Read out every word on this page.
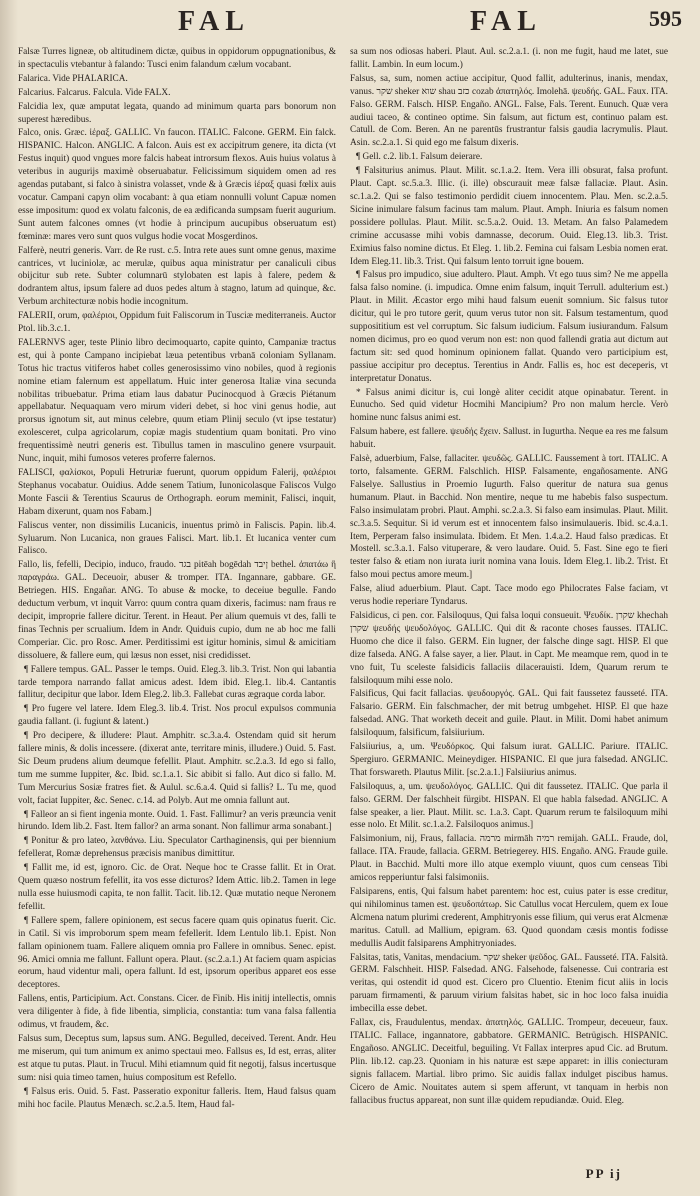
FAL	FAL	595

Falsæ Turres ligneæ, ob altitudinem dictæ, quibus in oppidorum oppugnationibus, & in spectaculis vtebantur à falando: Tusci enim falandum cælum vocabant.

Falarica. Vide PHALARICA.

Falcarius. Falcarus. Falcula. Vide FALX.

Falcidia lex, quæ amputat legata, quando ad minimum quarta pars bonorum non superest hæredibus.

Falco, onis. Græc. ἱέραξ. GALLIC. Vn faucon. ITALIC. Falcone. GERM. Ein falck. HISPANIC. Halcon. ANGLIC. A falcon. Auis est ex accipitrum genere, ita dicta (vt Festus inquit) quod vngues more falcis habeat introrsum flexos. Auis huius volatus à veteribus in augurijs maximè obseruabatur. Felicissimum siquidem omen ad res agendas putabant, si falco à sinistra volasset, vnde & à Græcis ἱέραξ quasi fœlix auis vocatur. Campani capyn olim vocabant: à qua etiam nonnulli volunt Capuæ nomen esse impositum: quod ex volatu falconis, de ea ædificanda sumpsam fuerit augurium. Sunt autem falcones omnes (vt hodie à principum aucupibus obseruatum est) fœminæ: mares vero sunt quos vulgus hodie vocat Mosgerdinos.

Falferè, neutri generis. Varr. de Re rust. c.5. Intra rete aues sunt omne genus, maxime cantrices, vt luciniolæ, ac merulæ, quibus aqua ministratur per canaliculi cibus obijcitur sub rete. Subter columnarū stylobaten est lapis à falere, pedem & dodrantem altus, ipsum falere ad duos pedes altum à stagno, latum ad quinque, &c. Verbum architecturæ nobis hodie incognitum.

FALERII, orum, φαλέριοι, Oppidum fuit Faliscorum in Tusciæ mediterraneis. Auctor Ptol. lib.3.c.1.

FALERNVS ager, teste Plinio libro decimoquarto, capite quinto, Campaniæ tractus est, qui à ponte Campano incipiebat læua petentibus vrbanā coloniam Syllanam. Totus hic tractus vitiferos habet colles generosissimo vino nobiles, quod à regionis nomine etiam falernum est appellatum. Huic inter generosa Italiæ vina secunda nobilitas tribuebatur. Prima etiam laus dabatur Pucinocquod à Græcis Piétanum appellabatur. Nequaquam vero mirum videri debet, si hoc vini genus hodie, aut prorsus ignotum sit, aut minus celebre, quum etiam Plinij seculo (vt ipse testatur) exolesceret, culpa agricolarum, copiæ magis studentium quam bonitati. Pro vino frequentissimè neutri generis est. Tibullus tamen in masculino genere vsurpauit. Nunc, inquit, mihi fumosos veteres proferre falernos.

FALISCI, φαλίσκοι, Populi Hetruriæ fuerunt, quorum oppidum Falerij, φαλέριοι Stephanus vocabatur. Ouidius. Adde senem Tatium, Iunonicolasque Faliscos Vulgo Monte Fascii & Terentius Scaurus de Orthograph. eorum meminit, Falisci, inquit, Habam dixerunt, quam nos Fabam.]

Faliscus venter, non dissimilis Lucanicis, inuentus primò in Faliscis. Papin. lib.4. Syluarum. Non Lucanica, non graues Falisci. Mart. lib.1. Et lucanica venter cum Falisco.

Fallo, lis, fefelli, Decipio, induco, fraudo. בגד pitēah bogēdah ןיבד bethel. ἀπατάω ἢ παραγράω. GAL. Deceuoir, abuser & tromper. ITA. Ingannare, gabbare. GE. Betriegen. HIS. Engañar. ANG. To abuse & mocke, to deceiue begulle. Fando deductum verbum, vt inquit Varro: quum contra quam dixeris, facimus: nam fraus re decipit, improprie fallere dicitur. Terent. in Heaut. Per alium quemuis vt des, falli te finas Technis per scrualium. Idem in Andr. Quiduis cupio, dum ne ab hoc me falli Comperiar. Cic. pro Rosc. Amer. Perditissimi est igitur hominis, simul & amicitiam dissoluere, & fallere eum, qui læsus non esset, nisi credidisset.

¶ Fallere tempus. GAL. Passer le temps. Ouid. Eleg.3. lib.3. Trist. Non qui labantia tarde tempora narrando fallat amicus adest. Idem ibid. Eleg.1. lib.4. Cantantis fallitur, decipitur que labor. Idem Eleg.2. lib.3. Fallebat curas ægraque corda labor.

¶ Pro fugere vel latere. Idem Eleg.3. lib.4. Trist. Nos procul expulsos communia gaudia fallant. (i. fugiunt & latent.)

¶ Pro decipere, & illudere: Plaut. Amphitr. sc.3.a.4. Ostendam quid sit herum fallere minis, & dolis incessere. (dixerat ante, territare minis, illudere.) Ouid. 5. Fast. Sic Deum prudens alium deumque fefellit. Plaut. Amphitr. sc.2.a.3. Id ego si fallo, tum me summe Iuppiter, &c. Ibid. sc.1.a.1. Sic abibit si fallo. Aut dico si fallo. M. Tum Mercurius Sosiæ fratres fiet. & Aulul. sc.6.a.4. Quid si fallis? L. Tu me, quod volt, faciat Iuppiter, &c. Senec. c.14. ad Polyb. Aut me omnia fallunt aut.

¶ Falleor an si fient ingenia monte. Ouid. 1. Fast. Fallimur? an veris præuncia venit hirundo. Idem lib.2. Fast. Item fallor? an arma sonant. Non fallimur arma sonabant.]

¶ Ponitur & pro lateo, λανθάνω. Liu. Speculator Carthaginensis, qui per biennium fefellerat, Romæ deprehensus præcisis manibus dimittitur.

¶ Fallit me, id est, ignoro. Cic. de Orat. Neque hoc te Crasse fallit. Et in Orat. Quem quæso nostrum fefellit, ita vos esse dicturos? Idem Attic. lib.2. Tamen in lege nulla esse huiusmodi capita, te non fallit. Tacit. lib.12. Quæ mutatio neque Neronem fefellit.

¶ Fallere spem, fallere opinionem, est secus facere quam quis opinatus fuerit. Cic. in Catil. Si vis improborum spem meam fefellerit. Idem Lentulo lib.1. Epist. Non fallam opinionem tuam. Fallere aliquem omnia pro Fallere in omnibus. Senec. epist. 96. Amici omnia me fallunt. Fallunt opera. Plaut. (sc.2.a.1.) At faciem quam aspicias eorum, haud videntur mali, opera fallunt. Id est, ipsorum operibus apparet eos esse deceptores.

Fallens, entis, Participium. Act. Constans. Cicer. de Finib. His initij intellectis, omnis vera diligenter à fide, à fide libentia, simplicia, constantia: tum vana falsa fallentia odimus, vt fraudem, &c.

Falsus sum, Deceptus sum, lapsus sum. ANG. Begulled, deceived. Terent. Andr. Heu me miserum, qui tum animum ex animo spectaui meo. Fallsus es, Id est, erras, aliter est atque tu putas. Plaut. in Trucul. Mihi etiamnum quid fit negotij, falsus incertusque sum: nisi quia timeo tamen, huius compositum est Refello.

¶ Falsus eris. Ouid. 5. Fast. Passeratio exponitur falleris. Item, Haud falsus quam mihi hoc facile. Plautus Menæch. sc.2.a.5. Item, Haud fal-

sa sum nos odiosas haberi. Plaut. Aul. sc.2.a.1. (i. non me fugit, haud me latet, sue fallit. Lambin. In eum locum.)

Falsus, sa, sum, nomen actiue accipitur, Quod fallit, adulterinus, inanis, mendax, vanus. שקר sheker שוא shau כזב cozab ἀπατηλός. Imolehā. ψευδής. GAL. Faux. ITA. Falso. GERM. Falsch. HISP. Engaño. ANGL. False, Fals. Terent. Eunuch. Quæ vera audiui taceo, & contineo optime. Sin falsum, aut fictum est, continuo palam est. Catull. de Com. Beren. An ne parentūs frustrantur falsis gaudia lacrymulis. Plaut. Asin. sc.2.a.1. Si quid ego me falsum dixeris.

¶ Gell. c.2. lib.1. Falsum deierare.

¶ Falsiturius animus. Plaut. Milit. sc.1.a.2. Item. Vera illi obsurat, falsa profunt. Plaut. Capt. sc.5.a.3. Illic. (i. ille) obscurauit meæ falsæ fallaciæ. Plaut. Asin. sc.1.a.2. Qui se falso testimonio perdidit ciuem innocentem. Plau. Men. sc.2.a.5. Sicine inimulare falsum facinus tam malum. Plaut. Amph. Iniuria es falsum nomen possidere pollulas. Plaut. Milit. sc.5.a.2. Ouid. 13. Metam. An falso Palamedem crimine accusasse mihi vobis damnasse, decorum. Ouid. Eleg.13. lib.3. Trist. Eximius falso nomine dictus. Et Eleg. 1. lib.2. Femina cui falsam Lesbia nomen erat. Idem Eleg.11. lib.3. Trist. Qui falsum lento torruit igne bouem.

¶ Falsus pro impudico, siue adultero. Plaut. Amph. Vt ego tuus sim? Ne me appella falsa falso nomine. (i. impudica. Omne enim falsum, inquit Terrull. adulterium est.) Plaut. in Milit. Æcastor ergo mihi haud falsum euenit somnium. Sic falsus tutor dicitur, qui le pro tutore gerit, quum verus tutor non sit. Falsum testamentum, quod supposititium est vel corruptum. Sic falsum iudicium. Falsum iusiurandum. Falsum nomen dicimus, pro eo quod verum non est: non quod fallendi gratia aut dictum aut factum sit: sed quod hominum opinionem fallat. Quando vero participium est, passiue accipitur pro deceptus. Terentius in Andr. Fallis es, hoc est deceperis, vt interpretatur Donatus.

* Falsus animi dicitur is, cui longè aliter cecidit atque opinabatur. Terent. in Eunucho. Sed quid videtur Hocmihi Mancipium? Pro non malum hercle. Verò homine nunc falsus animi est.

Falsum habere, est fallere. ψευδής ἔχειν. Sallust. in Iugurtha. Neque ea res me falsum habuit.

Falsè, aduerbium, False, fallaciter. ψευδῶς. GALLIC. Faussement à tort. ITALIC. A torto, falsamente. GERM. Falschlich. HISP. Falsamente, engañosamente. ANG Falselye. Sallustius in Proemio Iugurth. Falso queritur de natura sua genus humanum. Plaut. in Bacchid. Non mentire, neque tu me habebis falso suspectum. Falso insimulatam probri. Plaut. Amphi. sc.2.a.3. Si falso eam insimulas. Plaut. Milit. sc.3.a.5. Sequitur. Si id verum est et innocentem falso insimulaueris. Ibid. sc.4.a.1. Item, Perperam falso insimulata. Ibidem. Et Men. 1.4.a.2. Haud falso prædicas. Et Mostell. sc.3.a.1. Falso vituperare, & vero laudare. Ouid. 5. Fast. Sine ego te fieri tester falso & etiam non iurata iurit nomina vana Iouis. Idem Eleg.1. lib.2. Trist. Et falso moui pectus amore meum.]

False, aliud aduerbium. Plaut. Capt. Tace modo ego Philocrates False faciam, vt verus hodie reperiare Tyndarus.

Falsidicus, ci pen. cor. Falsiloquus, Qui falsa loqui consueuit. Ψευδίκ. שקרן khechah שקרן ψευδής ψευδολόγος. GALLIC. Qui dit & raconte choses fausses. ITALIC. Huomo che dice il falso. GERM. Ein lugner, der falsche dinge sagt. HISP. El que dize falseda. ANG. A false sayer, a lier. Plaut. in Capt. Me meamque rem, quod in te vno fuit, Tu sceleste falsidicis fallaciis dilacerauisti. Idem, Quarum rerum te falsiloquum mihi esse nolo.

Falsificus, Qui facit fallacias. ψευδουργός. GAL. Qui fait faussetez fausseté. ITA. Falsario. GERM. Ein falschmacher, der mit betrug umbgehet. HISP. El que haze falsedad. ANG. That worketh deceit and guile. Plaut. in Milit. Domi habet animum falsiloquum, falsificum, falsiiurium.

Falsiiurius, a, um. Ψευδόρκος. Qui falsum iurat. GALLIC. Pariure. ITALIC. Spergiuro. GERMANIC. Meineydiger. HISPANIC. El que jura falsedad. ANGLIC. That forswareth. Plautus Milit. [sc.2.a.1.] Falsiiurius animus.

Falsiloquus, a, um. ψευδολόγος. GALLIC. Qui dit faussetez. ITALIC. Que parla il falso. GERM. Der falschheit fürgibt. HISPAN. El que habla falsedad. ANGLIC. A false speaker, a lier. Plaut. Milit. sc. 1.a.3. Capt. Quarum rerum te falsiloquum mihi esse nolo. Et Milit. sc.1.a.2. Falsiloquos animus.]

Falsimonium, nij, Fraus, fallacia. מרמה mirmāh רמיה remijah. GALL. Fraude, dol, fallace. ITA. Fraude, fallacia. GERM. Betriegerey. HIS. Engaño. ANG. Fraude guile. Plaut. in Bacchid. Multi more illo atque exemplo viuunt, quos cum censeas Tibi amicos repperiuntur falsi falsimoniis.

Falsiparens, entis, Qui falsum habet parentem: hoc est, cuius pater is esse creditur, qui nihilominus tamen est. ψευδοπάτωρ. Sic Catullus vocat Herculem, quem ex Ioue Alcmena natum plurimi crederent, Amphitryonis esse filium, qui verus erat Alcmenæ maritus. Catull. ad Mallium, epigram. 63. Quod quondam cæsis montis fodisse medullis Audit falsiparens Amphitryoniades.

Falsitas, tatis, Vanitas, mendacium. שקר sheker ψεῦδος. GAL. Fausseté. ITA. Falsità. GERM. Falschheit. HISP. Falsedad. ANG. Falsehode, falsenesse. Cui contraria est veritas, qui ostendit id quod est. Cicero pro Cluentio. Etenim ficut aliis in locis paruam firmamenti, & paruum virium falsitas habet, sic in hoc loco falsa inuidia imbecilla esse debet.

Fallax, cis, Fraudulentus, mendax. ἀπατηλός. GALLIC. Trompeur, deceueur, faux. ITALIC. Fallace, ingannatore, gabbatore. GERMANIC. Betrügisch. HISPANIC. Engañoso. ANGLIC. Deceitful, beguiling. Vt Fallax interpres apud Cic. ad Brutum. Plin. lib.12. cap.23. Quoniam in his naturæ est sæpe apparet: in illis coniecturam signis fallacem. Martial. libro primo. Sic auidis fallax indulget piscibus hamus. Cicero de Amic. Nouitates autem si spem afferunt, vt tanquam in herbis non fallacibus fructus appareat, non sunt illæ quidem repudiandæ. Ouid. Eleg.

PP ij
